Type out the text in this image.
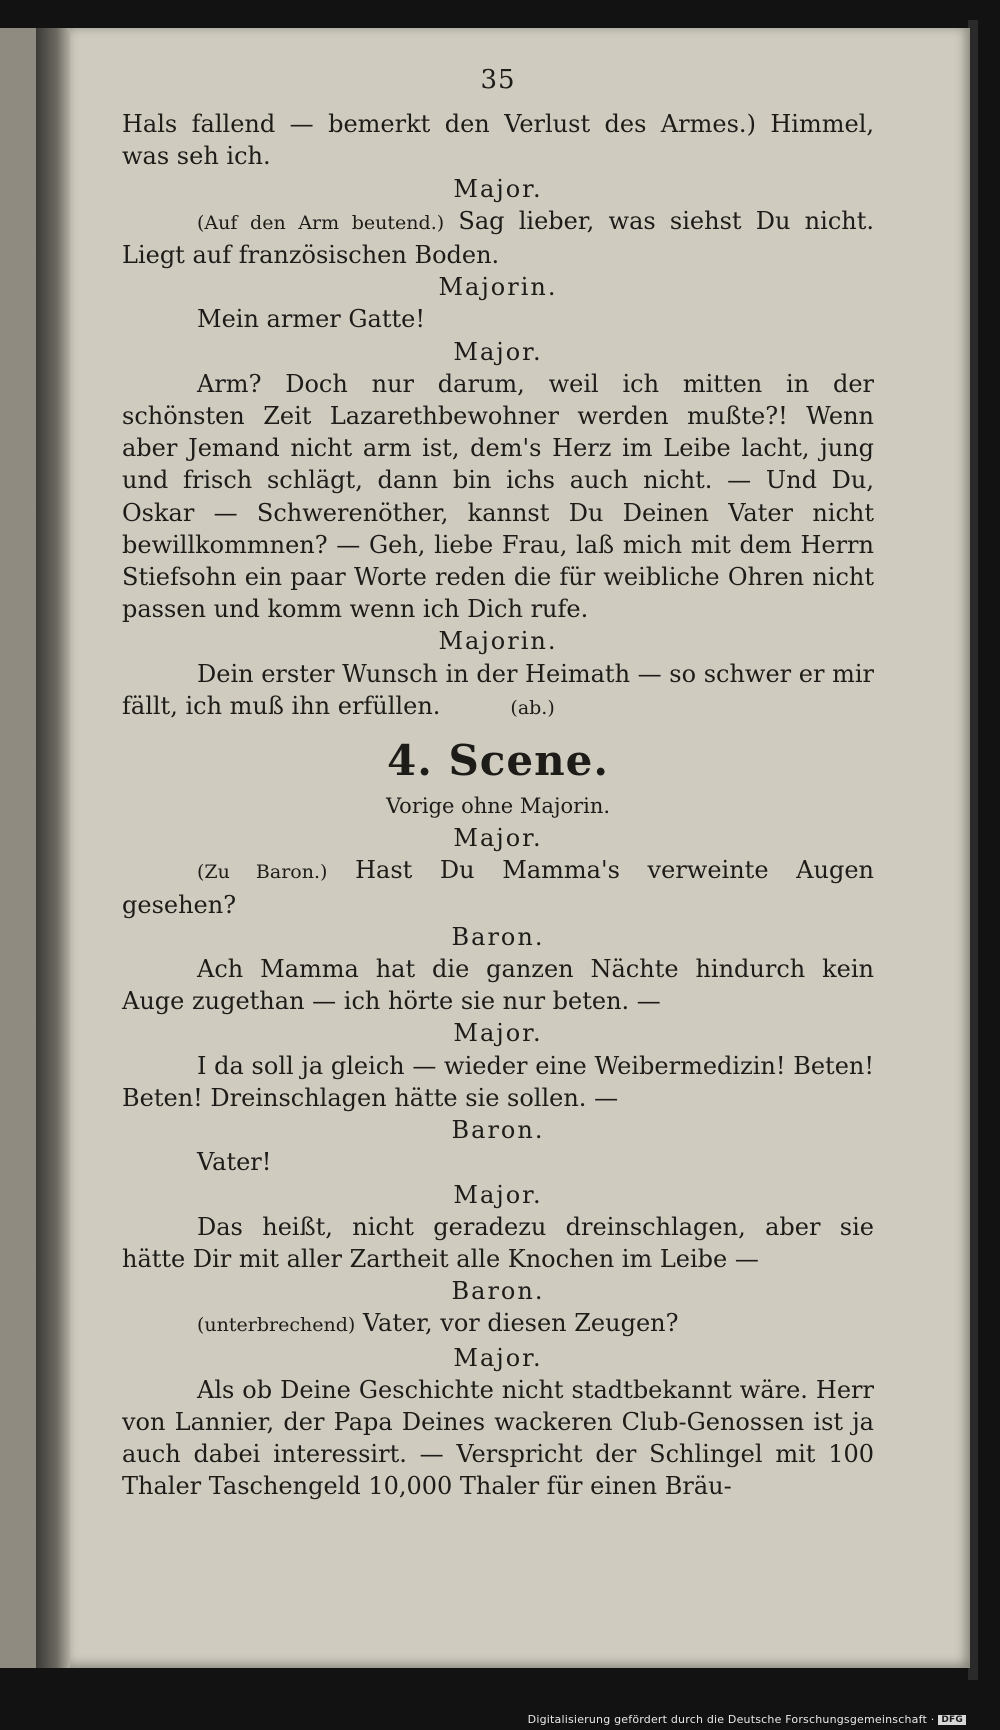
35

Hals fallend — bemerkt den Verlust des Armes.) Himmel, was seh ich.

Major.

(Auf den Arm beutend.) Sag lieber, was siehst Du nicht. Liegt auf französischen Boden.

Majorin.

Mein armer Gatte!

Major.

Arm? Doch nur darum, weil ich mitten in der schönsten Zeit Lazarethbewohner werden mußte?! Wenn aber Jemand nicht arm ist, dem's Herz im Leibe lacht, jung und frisch schlägt, dann bin ichs auch nicht. — Und Du, Oskar — Schwerenöther, kannst Du Deinen Vater nicht bewillkommnen? — Geh, liebe Frau, laß mich mit dem Herrn Stiefsohn ein paar Worte reden die für weibliche Ohren nicht passen und komm wenn ich Dich rufe.

Majorin.

Dein erster Wunsch in der Heimath — so schwer er mir fällt, ich muß ihn erfüllen.	(ab.)

4. Scene.

Vorige ohne Majorin.

Major.

(Zu Baron.) Hast Du Mamma's verweinte Augen gesehen?

Baron.

Ach Mamma hat die ganzen Nächte hindurch kein Auge zugethan — ich hörte sie nur beten. —

Major.

I da soll ja gleich — wieder eine Weibermedizin! Beten! Beten! Dreinschlagen hätte sie sollen. —

Baron.

Vater!

Major.

Das heißt, nicht geradezu dreinschlagen, aber sie hätte Dir mit aller Zartheit alle Knochen im Leibe —

Baron.

(unterbrechend) Vater, vor diesen Zeugen?

Major.

Als ob Deine Geschichte nicht stadtbekannt wäre. Herr von Lannier, der Papa Deines wackeren Club-Genossen ist ja auch dabei interessirt. — Verspricht der Schlingel mit 100 Thaler Taschengeld 10,000 Thaler für einen Bräu-

Digitalisierung gefördert durch die Deutsche Forschungsgemeinschaft · DFG
